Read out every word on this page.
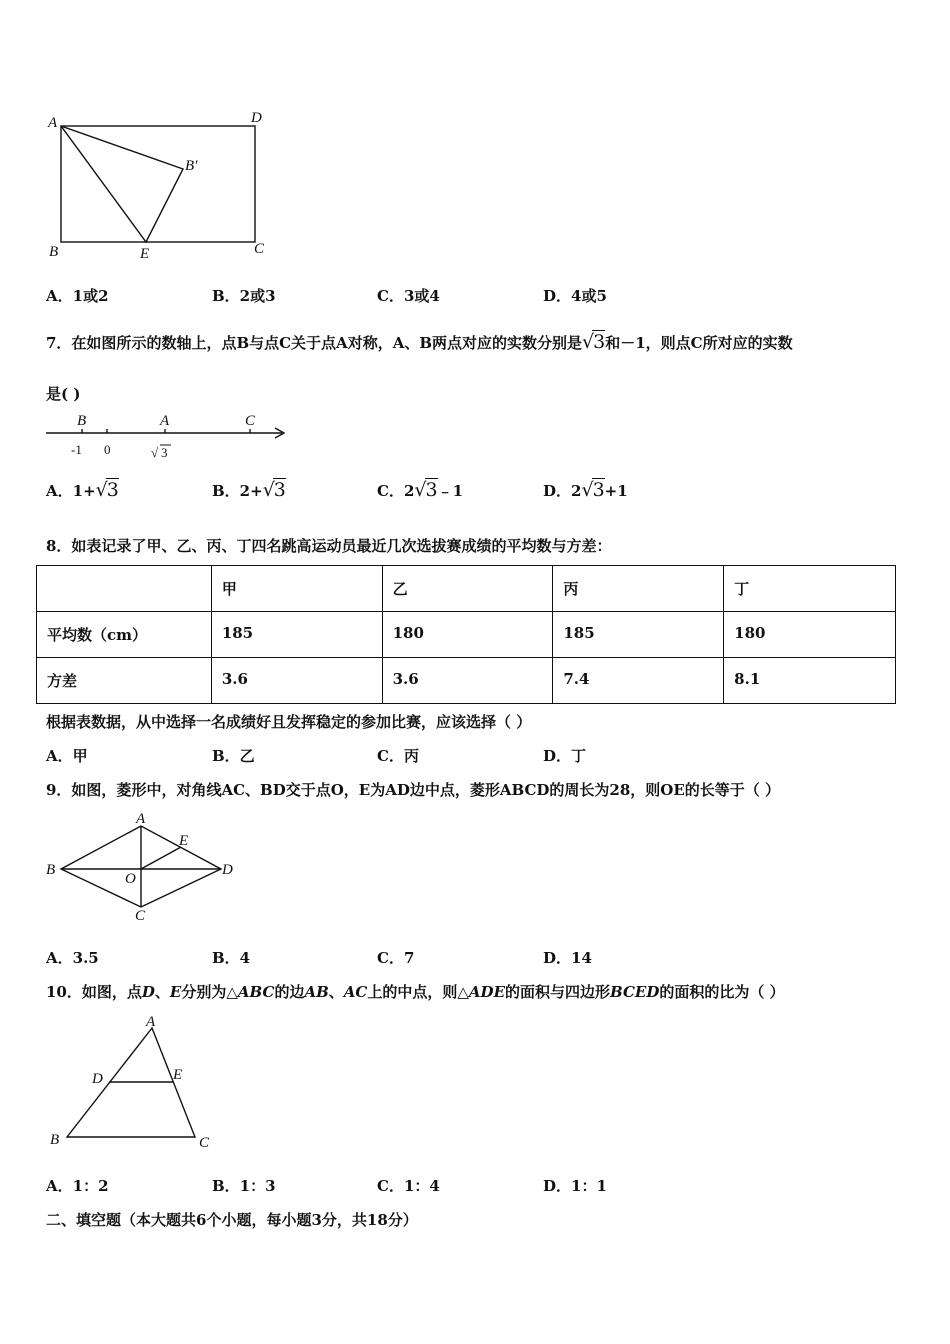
A	D
B′
B	E	C
A．1或2	B．2或3	C．3或4	D．4或5
7．在如图所示的数轴上，点B与点C关于点A对称，A、B两点对应的实数分别是√3和－1，则点C所对应的实数
是( )
B	A	C
-1 0	√ 3
A．1+√3	B．2+√3	C．2√3﹣1	D．2√3+1
8．如表记录了甲、乙、丙、丁四名跳高运动员最近几次选拔赛成绩的平均数与方差：
	甲	乙	丙	丁
平均数（cm）	185	180	185	180
方差	3.6	3.6	7.4	8.1
根据表数据，从中选择一名成绩好且发挥稳定的参加比赛，应该选择（ ）
A．甲	B．乙	C．丙	D．丁
9．如图，菱形中，对角线AC、BD交于点O，E为AD边中点，菱形ABCD的周长为28，则OE的长等于（ ）
A
B
C
D
E
O
A．3.5	B．4	C．7	D．14
10．如图，点D、E分别为△ABC的边AB、AC上的中点，则△ADE的面积与四边形BCED的面积的比为（ ）
A
B	C
D	E
A．1：2	B．1：3	C．1：4	D．1：1
二、填空题（本大题共6个小题，每小题3分，共18分）
